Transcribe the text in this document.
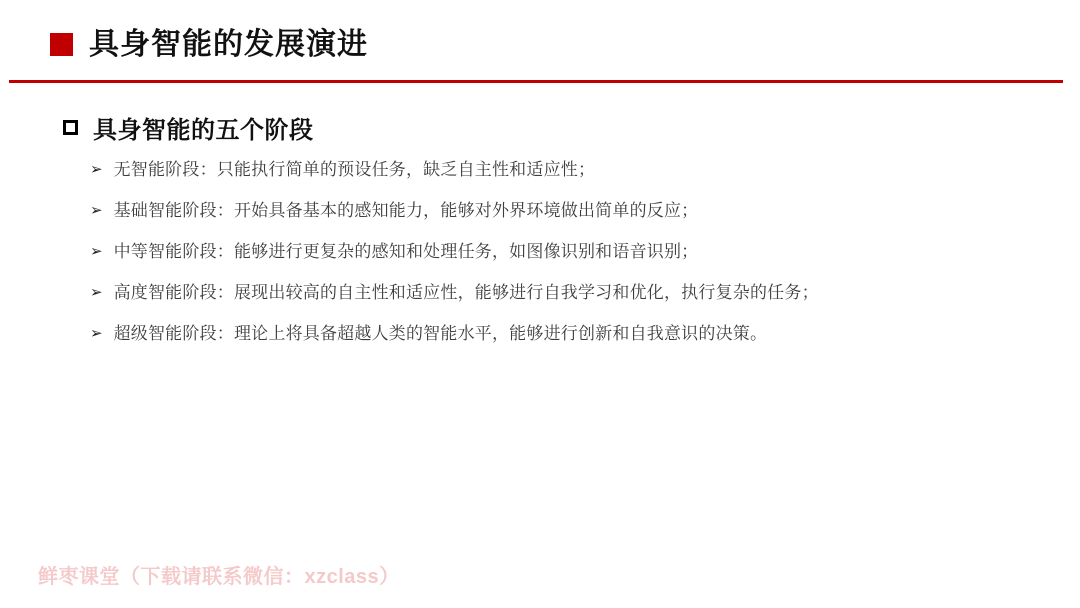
具身智能的发展演进
具身智能的五个阶段
➢ 无智能阶段：只能执行简单的预设任务，缺乏自主性和适应性；
➢ 基础智能阶段：开始具备基本的感知能力，能够对外界环境做出简单的反应；
➢ 中等智能阶段：能够进行更复杂的感知和处理任务，如图像识别和语音识别；
➢ 高度智能阶段：展现出较高的自主性和适应性，能够进行自我学习和优化，执行复杂的任务；
➢ 超级智能阶段：理论上将具备超越人类的智能水平，能够进行创新和自我意识的决策。
鲜枣课堂（下载请联系微信：xzclass）
